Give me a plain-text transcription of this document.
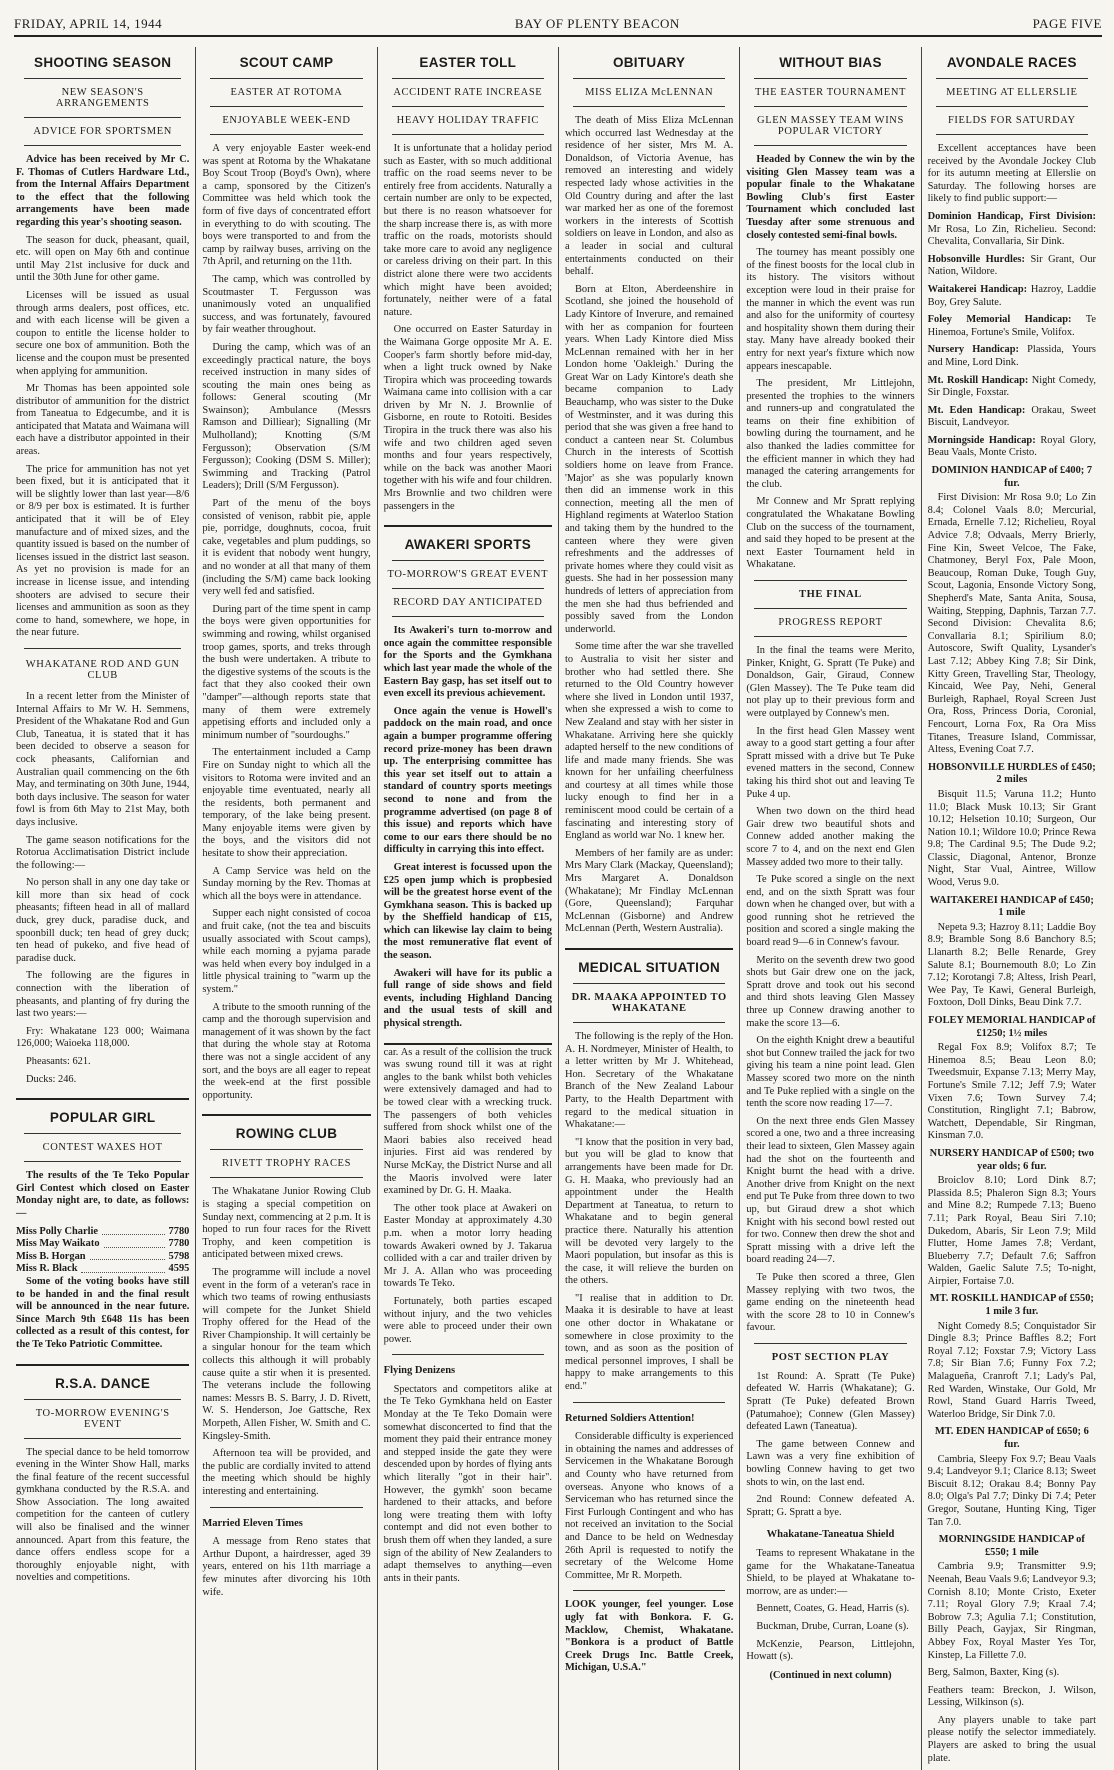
FRIDAY, APRIL 14, 1944	BAY OF PLENTY BEACON	PAGE FIVE
SHOOTING SEASON
NEW SEASON'S ARRANGEMENTS
ADVICE FOR SPORTSMEN

Advice has been received by Mr C. F. Thomas of Cutlers Hardware Ltd., from the Internal Affairs Department to the effect that the following arrangements have been made regarding this year's shooting season.

The season for duck, pheasant, quail, etc. will open on May 6th and continue until May 21st inclusive for duck and until the 30th June for other game.

Licenses will be issued as usual through arms dealers, post offices, etc. and with each license will be given a coupon to entitle the license holder to secure one box of ammunition. Both the license and the coupon must be presented when applying for ammunition.

Mr Thomas has been appointed sole distributor of ammunition for the district from Taneatua to Edgecumbe, and it is anticipated that Matata and Waimana will each have a distributor appointed in their areas.

The price for ammunition has not yet been fixed, but it is anticipated that it will be slightly lower than last year—8/6 or 8/9 per box is estimated. It is further anticipated that it will be of Eley manufacture and of mixed sizes, and the quantity issued is based on the number of licenses issued in the district last season. As yet no provision is made for an increase in license issue, and intending shooters are advised to secure their licenses and ammunition as soon as they come to hand, somewhere, we hope, in the near future.

WHAKATANE ROD AND GUN CLUB

In a recent letter from the Minister of Internal Affairs to Mr W. H. Semmens, President of the Whakatane Rod and Gun Club, Taneatua, it is stated that it has been decided to observe a season for cock pheasants, Californian and Australian quail commencing on the 6th May, and terminating on 30th June, 1944, both days inclusive. The season for water fowl is from 6th May to 21st May, both days inclusive.

The game season notifications for the Rotorua Acclimatisation District include the following:—

No person shall in any one day take or kill more than six head of cock pheasants; fifteen head in all of mallard duck, grey duck, paradise duck, and spoonbill duck; ten head of grey duck; ten head of pukeko, and five head of paradise duck.

The following are the figures in connection with the liberation of pheasants, and planting of fry during the last two years:—

Fry: Whakatane 123 000; Waimana 126,000; Waioeka 118,000.

Pheasants: 621.

Ducks: 246.

POPULAR GIRL
CONTEST WAXES HOT

The results of the Te Teko Popular Girl Contest which closed on Easter Monday night are, to date, as follows:—

Miss Polly Charlie	7780
Miss May Waikato	7780
Miss B. Horgan	5798
Miss R. Black	4595

Some of the voting books have still to be handed in and the final result will be announced in the near future. Since March 9th £648 11s has been collected as a result of this contest, for the Te Teko Patriotic Committee.

R.S.A. DANCE
TO-MORROW EVENING'S EVENT

The special dance to be held tomorrow evening in the Winter Show Hall, marks the final feature of the recent successful gymkhana conducted by the R.S.A. and Show Association. The long awaited competition for the canteen of cutlery will also be finalised and the winner announced. Apart from this feature, the dance offers endless scope for a thoroughly enjoyable night, with novelties and competitions.

SCOUT CAMP
EASTER AT ROTOMA
ENJOYABLE WEEK-END

A very enjoyable Easter week-end was spent at Rotoma by the Whakatane Boy Scout Troop (Boyd's Own), where a camp, sponsored by the Citizen's Committee was held which took the form of five days of concentrated effort in everything to do with scouting. The boys were transported to and from the camp by railway buses, arriving on the 7th April, and returning on the 11th.

The camp, which was controlled by Scoutmaster T. Fergusson was unanimously voted an unqualified success, and was fortunately, favoured by fair weather throughout.

During the camp, which was of an exceedingly practical nature, the boys received instruction in many sides of scouting the main ones being as follows: General scouting (Mr Swainson); Ambulance (Messrs Ramson and Dilliear); Signalling (Mr Mulholland); Knotting (S/M Fergusson); Observation (S/M Fergusson); Cooking (DSM S. Miller); Swimming and Tracking (Patrol Leaders); Drill (S/M Fergusson).

Part of the menu of the boys consisted of venison, rabbit pie, apple pie, porridge, doughnuts, cocoa, fruit cake, vegetables and plum puddings, so it is evident that nobody went hungry, and no wonder at all that many of them (including the S/M) came back looking very well fed and satisfied.

During part of the time spent in camp the boys were given opportunities for swimming and rowing, whilst organised troop games, sports, and treks through the bush were undertaken. A tribute to the digestive systems of the scouts is the fact that they also cooked their own "damper"—although reports state that many of them were extremely appetising efforts and included only a minimum number of "sourdoughs."

The entertainment included a Camp Fire on Sunday night to which all the visitors to Rotoma were invited and an enjoyable time eventuated, nearly all the residents, both permanent and temporary, of the lake being present. Many enjoyable items were given by the boys, and the visitors did not hesitate to show their appreciation.

A Camp Service was held on the Sunday morning by the Rev. Thomas at which all the boys were in attendance.

Supper each night consisted of cocoa and fruit cake, (not the tea and biscuits usually associated with Scout camps), while each morning a pyjama parade was held when every boy indulged in a little physical training to "warm up the system."

A tribute to the smooth running of the camp and the thorough supervision and management of it was shown by the fact that during the whole stay at Rotoma there was not a single accident of any sort, and the boys are all eager to repeat the week-end at the first possible opportunity.

ROWING CLUB
RIVETT TROPHY RACES

The Whakatane Junior Rowing Club is staging a special competition on Sunday next, commencing at 2 p.m. It is hoped to run four races for the Rivett Trophy, and keen competition is anticipated between mixed crews.

The programme will include a novel event in the form of a veteran's race in which two teams of rowing enthusiasts will compete for the Junket Shield Trophy offered for the Head of the River Championship. It will certainly be a singular honour for the team which collects this although it will probably cause quite a stir when it is presented. The veterans include the following names: Messrs B. S. Barry, J. D. Rivett, W. S. Henderson, Joe Gattsche, Rex Morpeth, Allen Fisher, W. Smith and C. Kingsley-Smith.

Afternoon tea will be provided, and the public are cordially invited to attend the meeting which should be highly interesting and entertaining.

Married Eleven Times

A message from Reno states that Arthur Dupont, a hairdresser, aged 39 years, entered on his 11th marriage a few minutes after divorcing his 10th wife.

EASTER TOLL
ACCIDENT RATE INCREASE
HEAVY HOLIDAY TRAFFIC

It is unfortunate that a holiday period such as Easter, with so much additional traffic on the road seems never to be entirely free from accidents. Naturally a certain number are only to be expected, but there is no reason whatsoever for the sharp increase there is, as with more traffic on the roads, motorists should take more care to avoid any negligence or careless driving on their part. In this district alone there were two accidents which might have been avoided; fortunately, neither were of a fatal nature.

One occurred on Easter Saturday in the Waimana Gorge opposite Mr A. E. Cooper's farm shortly before mid-day, when a light truck owned by Nake Tiropira which was proceeding towards Waimana came into collision with a car driven by Mr N. J. Brownlie of Gisborne, en route to Rotoiti. Besides Tiropira in the truck there was also his wife and two children aged seven months and four years respectively, while on the back was another Maori together with his wife and four children. Mrs Brownlie and two children were passengers in the

AWAKERI SPORTS
TO-MORROW'S GREAT EVENT
RECORD DAY ANTICIPATED

Its Awakeri's turn to-morrow and once again the committee responsible for the Sports and the Gymkhana which last year made the whole of the Eastern Bay gasp, has set itself out to even excell its previous achievement.

Once again the venue is Howell's paddock on the main road, and once again a bumper programme offering record prize-money has been drawn up. The enterprising committee has this year set itself out to attain a standard of country sports meetings second to none and from the programme advertised (on page 8 of this issue) and reports which have come to our ears there should be no difficulty in carrying this into effect.

Great interest is focussed upon the £25 open jump which is propbesied will be the greatest horse event of the Gymkhana season. This is backed up by the Sheffield handicap of £15, which can likewise lay claim to being the most remunerative flat event of the season.

Awakeri will have for its public a full range of side shows and field events, including Highland Dancing and the usual tests of skill and physical strength.

car. As a result of the collision the truck was swung round till it was at right angles to the bank whilst both vehicles were extensively damaged and had to be towed clear with a wrecking truck. The passengers of both vehicles suffered from shock whilst one of the Maori babies also received head injuries. First aid was rendered by Nurse McKay, the District Nurse and all the Maoris involved were later examined by Dr. G. H. Maaka.

The other took place at Awakeri on Easter Monday at approximately 4.30 p.m. when a motor lorry heading towards Awakeri owned by J. Takarua collided with a car and trailer driven by Mr J. A. Allan who was proceeding towards Te Teko.

Fortunately, both parties escaped without injury, and the two vehicles were able to proceed under their own power.

Flying Denizens

Spectators and competitors alike at the Te Teko Gymkhana held on Easter Monday at the Te Teko Domain were somewhat disconcerted to find that the moment they paid their entrance money and stepped inside the gate they were descended upon by hordes of flying ants which literally "got in their hair". However, the gymkh' soon became hardened to their attacks, and before long were treating them with lofty contempt and did not even bother to brush them off when they landed, a sure sign of the ability of New Zealanders to adapt themselves to anything—even ants in their pants.

OBITUARY
MISS ELIZA McLENNAN

The death of Miss Eliza McLennan which occurred last Wednesday at the residence of her sister, Mrs M. A. Donaldson, of Victoria Avenue, has removed an interesting and widely respected lady whose activities in the Old Country during and after the last war marked her as one of the foremost workers in the interests of Scottish soldiers on leave in London, and also as a leader in social and cultural entertainments conducted on their behalf.

Born at Elton, Aberdeenshire in Scotland, she joined the household of Lady Kintore of Inverure, and remained with her as companion for fourteen years. When Lady Kintore died Miss McLennan remained with her in her London home 'Oakleigh.' During the Great War on Lady Kintore's death she became companion to Lady Beauchamp, who was sister to the Duke of Westminster, and it was during this period that she was given a free hand to conduct a canteen near St. Columbus Church in the interests of Scottish soldiers home on leave from France. 'Major' as she was popularly known then did an immense work in this connection, meeting all the men of Highland regiments at Waterloo Station and taking them by the hundred to the canteen where they were given refreshments and the addresses of private homes where they could visit as guests. She had in her possession many hundreds of letters of appreciation from the men she had thus befriended and possibly saved from the London underworld.

Some time after the war she travelled to Australia to visit her sister and brother who had settled there. She returned to the Old Country however where she lived in London until 1937, when she expressed a wish to come to New Zealand and stay with her sister in Whakatane. Arriving here she quickly adapted herself to the new conditions of life and made many friends. She was known for her unfailing cheerfulness and courtesy at all times while those lucky enough to find her in a reminiscent mood could be certain of a fascinating and interesting story of England as world war No. 1 knew her.

Members of her family are as under: Mrs Mary Clark (Mackay, Queensland); Mrs Margaret A. Donaldson (Whakatane); Mr Findlay McLennan (Gore, Queensland); Farquhar McLennan (Gisborne) and Andrew McLennan (Perth, Western Australia).

MEDICAL SITUATION
DR. MAAKA APPOINTED TO WHAKATANE

The following is the reply of the Hon. A. H. Nordmeyer, Minister of Health, to a letter written by Mr J. Whitehead, Hon. Secretary of the Whakatane Branch of the New Zealand Labour Party, to the Health Department with regard to the medical situation in Whakatane:—

"I know that the position in very bad, but you will be glad to know that arrangements have been made for Dr. G. H. Maaka, who previously had an appointment under the Health Department at Taneatua, to return to Whakatane and to begin general practice there. Naturally his attention will be devoted very largely to the Maori population, but insofar as this is the case, it will relieve the burden on the others.

"I realise that in addition to Dr. Maaka it is desirable to have at least one other doctor in Whakatane or somewhere in close proximity to the town, and as soon as the position of medical personnel improves, I shall be happy to make arrangements to this end."

Returned Soldiers Attention!

Considerable difficulty is experienced in obtaining the names and addresses of Servicemen in the Whakatane Borough and County who have returned from overseas. Anyone who knows of a Serviceman who has returned since the First Furlough Contingent and who has not received an invitation to the Social and Dance to be held on Wednesday 26th April is requested to notify the secretary of the Welcome Home Committee, Mr R. Morpeth.

LOOK younger, feel younger. Lose ugly fat with Bonkora. F. G. Macklow, Chemist, Whakatane. "Bonkora is a product of Battle Creek Drugs Inc. Battle Creek, Michigan, U.S.A."

WITHOUT BIAS
THE EASTER TOURNAMENT
GLEN MASSEY TEAM WINS POPULAR VICTORY

Headed by Connew the win by the visiting Glen Massey team was a popular finale to the Whakatane Bowling Club's first Easter Tournament which concluded last Tuesday after some strenuous and closely contested semi-final bowls.

The tourney has meant possibly one of the finest boosts for the local club in its history. The visitors without exception were loud in their praise for the manner in which the event was run and also for the uniformity of courtesy and hospitality shown them during their stay. Many have already booked their entry for next year's fixture which now appears inescapable.

The president, Mr Littlejohn, presented the trophies to the winners and runners-up and congratulated the teams on their fine exhibition of bowling during the tournament, and he also thanked the ladies committee for the efficient manner in which they had managed the catering arrangements for the club.

Mr Connew and Mr Spratt replying congratulated the Whakatane Bowling Club on the success of the tournament, and said they hoped to be present at the next Easter Tournament held in Whakatane.

THE FINAL
PROGRESS REPORT

In the final the teams were Merito, Pinker, Knight, G. Spratt (Te Puke) and Donaldson, Gair, Giraud, Connew (Glen Massey). The Te Puke team did not play up to their previous form and were outplayed by Connew's men.

In the first head Glen Massey went away to a good start getting a four after Spratt missed with a drive but Te Puke evened matters in the second, Connew taking his third shot out and leaving Te Puke 4 up.

When two down on the third head Gair drew two beautiful shots and Connew added another making the score 7 to 4, and on the next end Glen Massey added two more to their tally.

Te Puke scored a single on the next end, and on the sixth Spratt was four down when he changed over, but with a good running shot he retrieved the position and scored a single making the board read 9—6 in Connew's favour.

Merito on the seventh drew two good shots but Gair drew one on the jack, Spratt drove and took out his second and third shots leaving Glen Massey three up Connew drawing another to make the score 13—6.

On the eighth Knight drew a beautiful shot but Connew trailed the jack for two giving his team a nine point lead. Glen Massey scored two more on the ninth and Te Puke replied with a single on the tenth the score now reading 17—7.

On the next three ends Glen Massey scored a one, two and a three increasing their lead to sixteen, Glen Massey again had the shot on the fourteenth and Knight burnt the head with a drive. Another drive from Knight on the next end put Te Puke from three down to two up, but Giraud drew a shot which Knight with his second bowl rested out for two. Connew then drew the shot and Spratt missing with a drive left the board reading 24—7.

Te Puke then scored a three, Glen Massey replying with two twos, the game ending on the nineteenth head with the score 28 to 10 in Connew's favour.

POST SECTION PLAY

1st Round: A. Spratt (Te Puke) defeated W. Harris (Whakatane); G. Spratt (Te Puke) defeated Brown (Patumahoe); Connew (Glen Massey) defeated Lawn (Taneatua).

The game between Connew and Lawn was a very fine exhibition of bowling Connew having to get two shots to win, on the last end.

2nd Round: Connew defeated A. Spratt; G. Spratt a bye.

Whakatane-Taneatua Shield

Teams to represent Whakatane in the game for the Whakatane-Taneatua Shield, to be played at Whakatane to-morrow, are as under:—

Bennett, Coates, G. Head, Harris (s).

Buckman, Drube, Curran, Loane (s).

McKenzie, Pearson, Littlejohn, Howatt (s).

(Continued in next column)
AVONDALE RACES
MEETING AT ELLERSLIE
FIELDS FOR SATURDAY

Excellent acceptances have been received by the Avondale Jockey Club for its autumn meeting at Ellerslie on Saturday. The following horses are likely to find public support:—

Dominion Handicap, First Division: Mr Rosa, Lo Zin, Richelieu. Second: Chevalita, Convallaria, Sir Dink.

Hobsonville Hurdles: Sir Grant, Our Nation, Wildore.

Waitakerei Handicap: Hazroy, Laddie Boy, Grey Salute.

Foley Memorial Handicap: Te Hinemoa, Fortune's Smile, Volifox.

Nursery Handicap: Plassida, Yours and Mine, Lord Dink.

Mt. Roskill Handicap: Night Comedy, Sir Dingle, Foxstar.

Mt. Eden Handicap: Orakau, Sweet Biscuit, Landveyor.

Morningside Handicap: Royal Glory, Beau Vaals, Monte Cristo.

DOMINION HANDICAP of £400; 7 fur.

First Division: Mr Rosa 9.0; Lo Zin 8.4; Colonel Vaals 8.0; Mercurial, Ernada, Ernelle 7.12; Richelieu, Royal Advice 7.8; Odvaals, Merry Brierly, Fine Kin, Sweet Velcoe, The Fake, Chatmoney, Beryl Fox, Pale Moon, Beaucoup, Roman Duke, Tough Guy, Scout, Lagonia, Ensonde Victory Song, Shepherd's Mate, Santa Anita, Sousa, Waiting, Stepping, Daphnis, Tarzan 7.7. Second Division: Chevalita 8.6; Convallaria 8.1; Spirilium 8.0; Autoscore, Swift Quality, Lysander's Last 7.12; Abbey King 7.8; Sir Dink, Kitty Green, Travelling Star, Theology, Kincaid, Wee Pay, Nehi, General Burleigh, Raphael, Royal Screen Just Ora, Ross, Princess Doria, Coronial, Fencourt, Lorna Fox, Ra Ora Miss Titanes, Treasure Island, Commissar, Altess, Evening Coat 7.7.

HOBSONVILLE HURDLES of £450; 2 miles

Bisquit 11.5; Varuna 11.2; Hunto 11.0; Black Musk 10.13; Sir Grant 10.12; Helsetion 10.10; Surgeon, Our Nation 10.1; Wildore 10.0; Prince Rewa 9.8; The Cardinal 9.5; The Dude 9.2; Classic, Diagonal, Antenor, Bronze Night, Star Vual, Aintree, Willow Wood, Verus 9.0.

WAITAKEREI HANDICAP of £450; 1 mile

Nepeta 9.3; Hazroy 8.11; Laddie Boy 8.9; Bramble Song 8.6 Banchory 8.5; Llanarth 8.2; Belle Renarde, Grey Salute 8.1; Bournemouth 8.0; Lo Zin 7.12; Korotangi 7.8; Altess, Irish Pearl, Wee Pay, Te Kawi, General Burleigh, Foxtoon, Doll Dinks, Beau Dink 7.7.

FOLEY MEMORIAL HANDICAP of £1250; 1½ miles

Regal Fox 8.9; Volifox 8.7; Te Hinemoa 8.5; Beau Leon 8.0; Tweedsmuir, Expanse 7.13; Merry May, Fortune's Smile 7.12; Jeff 7.9; Water Vixen 7.6; Town Survey 7.4; Constitution, Ringlight 7.1; Babrow, Watchett, Dependable, Sir Ringman, Kinsman 7.0.

NURSERY HANDICAP of £500; two year olds; 6 fur.

Broiclov 8.10; Lord Dink 8.7; Plassida 8.5; Phaleron Sign 8.3; Yours and Mine 8.2; Rumpede 7.13; Bueno 7.11; Park Royal, Beau Siri 7.10; Dukedom, Abaris, Sir Leon 7.9; Mild Flutter, Home James 7.8; Verdant, Blueberry 7.7; Default 7.6; Saffron Walden, Gaelic Salute 7.5; To-night, Airpier, Fortaise 7.0.

MT. ROSKILL HANDICAP of £550; 1 mile 3 fur.

Night Comedy 8.5; Conquistador Sir Dingle 8.3; Prince Baffles 8.2; Fort Royal 7.12; Foxstar 7.9; Victory Lass 7.8; Sir Bian 7.6; Funny Fox 7.2; Malagueña, Cranroft 7.1; Lady's Pal, Red Warden, Winstake, Our Gold, Mr Rowl, Stand Guard Harris Tweed, Waterloo Bridge, Sir Dink 7.0.

MT. EDEN HANDICAP of £650; 6 fur.

Cambria, Sleepy Fox 9.7; Beau Vaals 9.4; Landveyor 9.1; Clarice 8.13; Sweet Biscuit 8.12; Orakau 8.4; Bonny Pay 8.0; Olga's Pal 7.7; Dinky Di 7.4; Peter Gregor, Soutane, Hunting King, Tiger Tan 7.0.

MORNINGSIDE HANDICAP of £550; 1 mile

Cambria 9.9; Transmitter 9.9; Neenah, Beau Vaals 9.6; Landveyor 9.3; Cornish 8.10; Monte Cristo, Exeter 7.11; Royal Glory 7.9; Kraal 7.4; Bobrow 7.3; Agulia 7.1; Constitution, Billy Peach, Gayjax, Sir Ringman, Abbey Fox, Royal Master Yes Tor, Kinstep, La Fillette 7.0.

Berg, Salmon, Baxter, King (s).

Feathers team: Breckon, J. Wilson, Lessing, Wilkinson (s).

Any players unable to take part please notify the selector immediately. Players are asked to bring the usual plate.
